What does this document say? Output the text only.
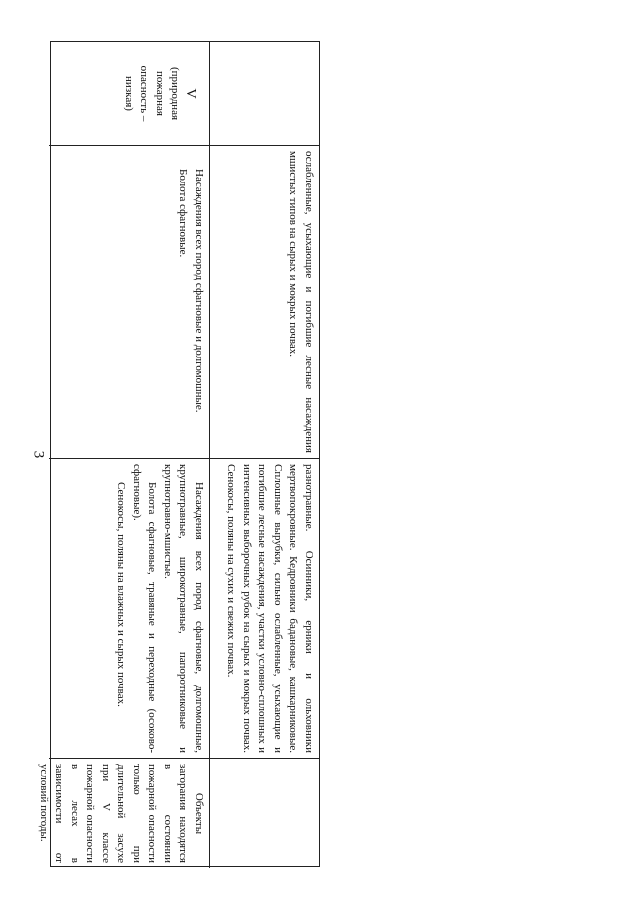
3
ослабленные, усыхающие и погибшие лесные насаждения мшистых типов на сырых и мокрых почвах.
разнотравные. Осинники, ерники и ольховники мертвопокровные. Кедровники бадановые, кашкарниковые. Сплошные вырубки, сильно ослабленные, усыхающие и погибшие лесные насаждения, участки условно-сплошных и интенсивных выборочных рубок на сырых и мокрых почвах. Сенокосы, поляны на сухих и свежих почвах.
V
(природная пожарная опасность – низкая)
Насаждения всех пород сфагновые и долгомошные.
Болота сфагновые.
Насаждения всех пород сфагновые, долгомошные, крупнотравные, широкотравные, папоротниковые и крупнотравно-мшистые.
Болота сфагновые, травяные и переходные (осоково-сфагновые).
Сенокосы, поляны на влажных и сырых почвах.
Объекты
загорания находятся в состоянии пожарной опасности только при длительной засухе при V классе пожарной опасности в лесах в зависимости от условий погоды.
